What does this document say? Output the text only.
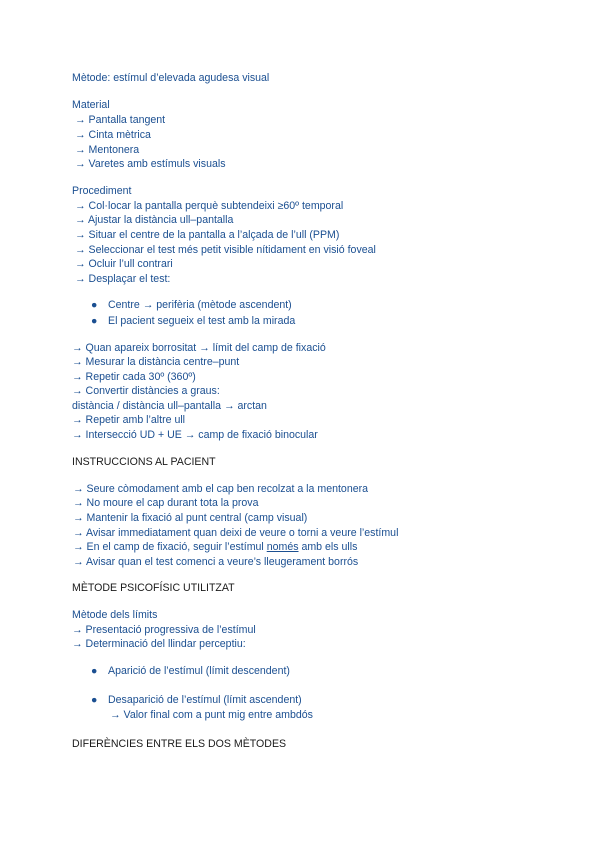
Mètode: estímul d’elevada agudesa visual
Material
→ Pantalla tangent
→ Cinta mètrica
→ Mentonera
→ Varetes amb estímuls visuals
Procediment
→ Col·locar la pantalla perquè subtendeixi ≥60º temporal
→ Ajustar la distància ull–pantalla
→ Situar el centre de la pantalla a l’alçada de l’ull (PPM)
→ Seleccionar el test més petit visible nítidament en visió foveal
→ Ocluir l’ull contrari
→ Desplaçar el test:
● Centre → perifèria (mètode ascendent)
● El pacient segueix el test amb la mirada
→ Quan apareix borrositat → límit del camp de fixació
→ Mesurar la distància centre–punt
→ Repetir cada 30º (360º)
→ Convertir distàncies a graus:
distància / distància ull–pantalla → arctan
→ Repetir amb l’altre ull
→ Intersecció UD + UE → camp de fixació binocular
INSTRUCCIONS AL PACIENT
→ Seure còmodament amb el cap ben recolzat a la mentonera
→ No moure el cap durant tota la prova
→ Mantenir la fixació al punt central (camp visual)
→ Avisar immediatament quan deixi de veure o torni a veure l’estímul
→ En el camp de fixació, seguir l’estímul només amb els ulls
→ Avisar quan el test comenci a veure’s lleugerament borrós
MÈTODE PSICOFÍSIC UTILITZAT
Mètode dels límits
→ Presentació progressiva de l’estímul
→ Determinació del llindar perceptiu:
● Aparició de l’estímul (límit descendent)
● Desaparició de l’estímul (límit ascendent)
→ Valor final com a punt mig entre ambdós
DIFERÈNCIES ENTRE ELS DOS MÈTODES
